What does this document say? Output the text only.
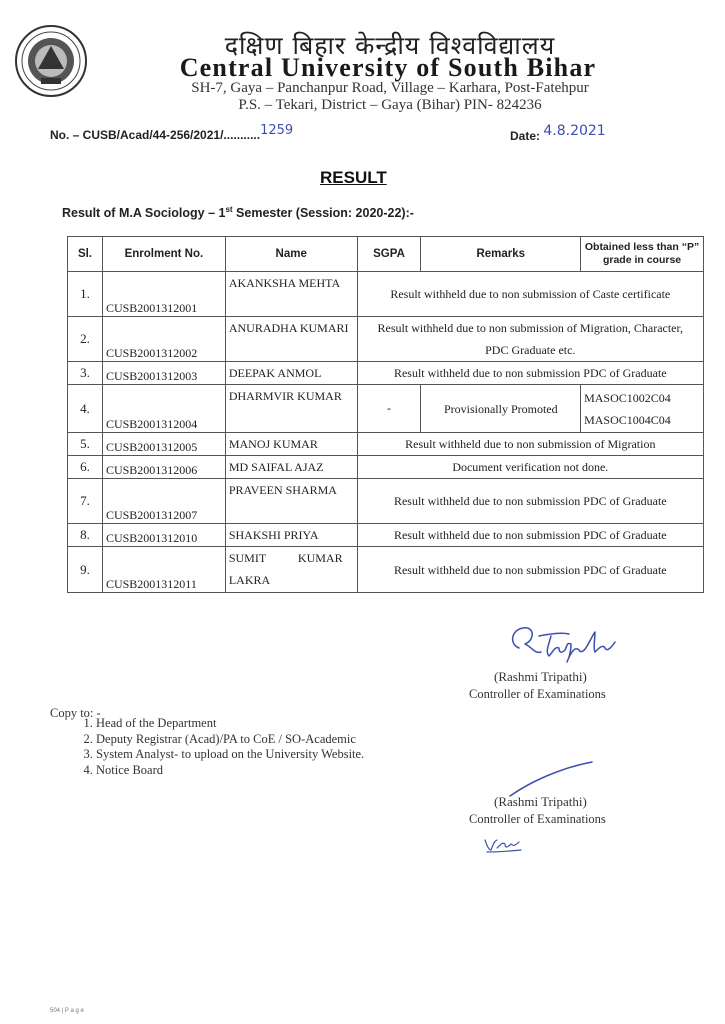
दक्षिण बिहार केन्द्रीय विश्वविद्यालय
Central University of South Bihar
SH-7, Gaya – Panchanpur Road, Village – Karhara, Post-Fatehpur
P.S. – Tekari, District – Gaya (Bihar) PIN- 824236
No. – CUSB/Acad/44-256/2021/...........1259	Date: 4.8.2021
RESULT
Result of M.A Sociology – 1st Semester (Session: 2020-22):-
Sl.	Enrolment No.	Name	SGPA	Remarks	Obtained less than “P” grade in course
1.	CUSB2001312001	AKANKSHA MEHTA	Result withheld due to non submission of Caste certificate		
2.	CUSB2001312002	ANURADHA KUMARI	Result withheld due to non submission of Migration, Character, PDC Graduate etc.		
3.	CUSB2001312003	DEEPAK ANMOL	Result withheld due to non submission PDC of Graduate		
4.	CUSB2001312004	DHARMVIR KUMAR	-	Provisionally Promoted	MASOC1002C04
MASOC1004C04

5.	CUSB2001312005	MANOJ KUMAR	Result withheld due to non submission of Migration		
6.	CUSB2001312006	MD SAIFAL AJAZ	Document verification not done.		
7.	CUSB2001312007	PRAVEEN SHARMA	Result withheld due to non submission PDC of Graduate		
8.	CUSB2001312010	SHAKSHI PRIYA	Result withheld due to non submission PDC of Graduate		
9.	CUSB2001312011	SUMIT KUMAR LAKRA	Result withheld due to non submission PDC of Graduate		
(Rashmi Tripathi)
Controller of Examinations
Copy to: -
1. Head of the Department
2. Deputy Registrar (Acad)/PA to CoE / SO-Academic
3. System Analyst- to upload on the University Website.
4. Notice Board
(Rashmi Tripathi)
Controller of Examinations
504 | P a g e
